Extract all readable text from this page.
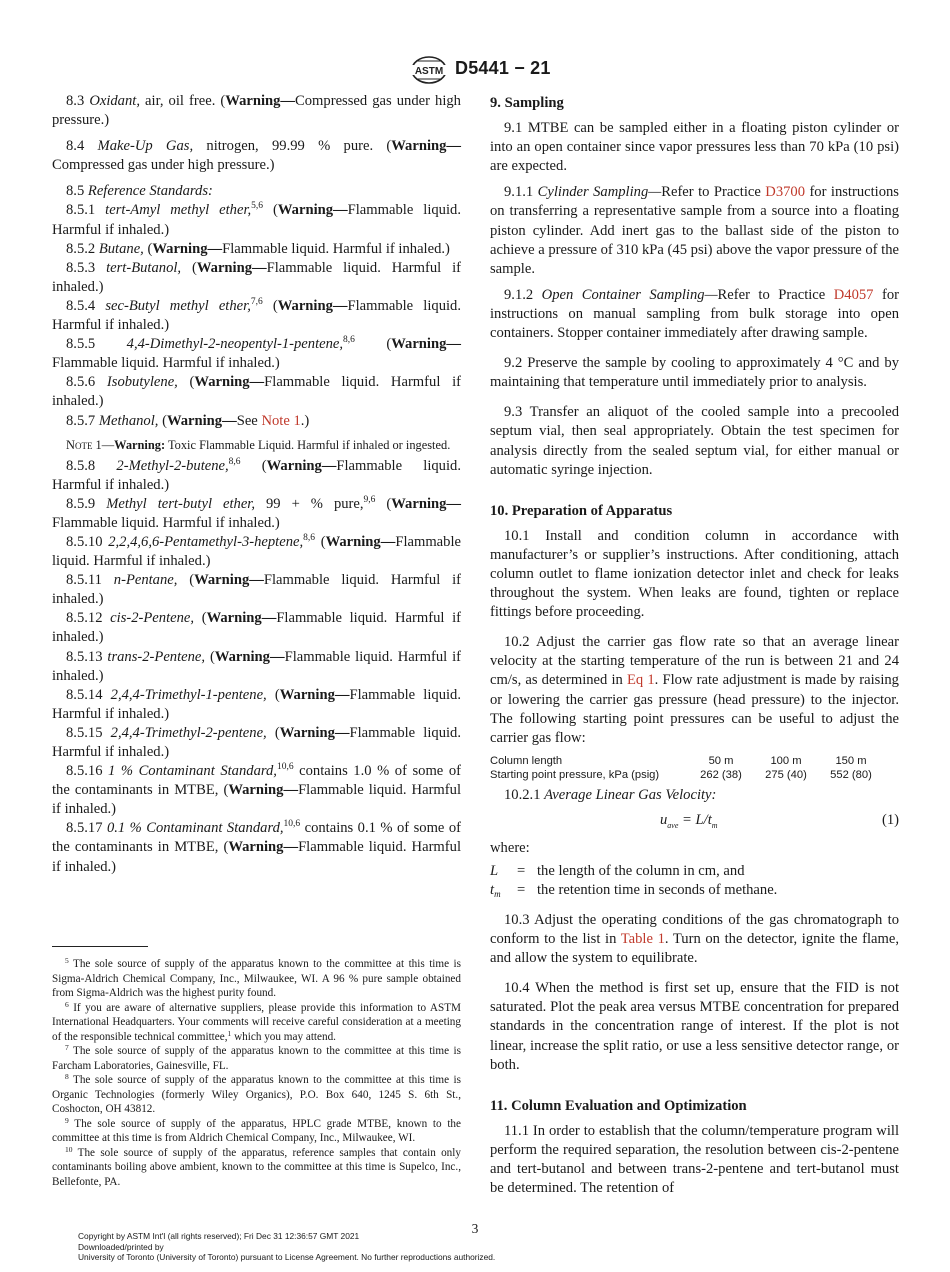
ASTM D5441 − 21

8.3 Oxidant, air, oil free. (Warning—Compressed gas under high pressure.)

8.4 Make-Up Gas, nitrogen, 99.99 % pure. (Warning—Compressed gas under high pressure.)

8.5 Reference Standards:

8.5.1 tert-Amyl methyl ether,$^{5,6}$ (Warning—Flammable liquid. Harmful if inhaled.)

8.5.2 Butane, (Warning—Flammable liquid. Harmful if inhaled.)

8.5.3 tert-Butanol, (Warning—Flammable liquid. Harmful if inhaled.)

8.5.4 sec-Butyl methyl ether,$^{7,6}$ (Warning—Flammable liquid. Harmful if inhaled.)

8.5.5 4,4-Dimethyl-2-neopentyl-1-pentene,$^{8,6}$ (Warning—Flammable liquid. Harmful if inhaled.)

8.5.6 Isobutylene, (Warning—Flammable liquid. Harmful if inhaled.)

8.5.7 Methanol, (Warning—See Note 1.)

Note 1—Warning: Toxic Flammable Liquid. Harmful if inhaled or ingested.

8.5.8 2-Methyl-2-butene,$^{8,6}$ (Warning—Flammable liquid. Harmful if inhaled.)

8.5.9 Methyl tert-butyl ether, 99 + % pure,$^{9,6}$ (Warning—Flammable liquid. Harmful if inhaled.)

8.5.10 2,2,4,6,6-Pentamethyl-3-heptene,$^{8,6}$ (Warning—Flammable liquid. Harmful if inhaled.)

8.5.11 n-Pentane, (Warning—Flammable liquid. Harmful if inhaled.)

8.5.12 cis-2-Pentene, (Warning—Flammable liquid. Harmful if inhaled.)

8.5.13 trans-2-Pentene, (Warning—Flammable liquid. Harmful if inhaled.)

8.5.14 2,4,4-Trimethyl-1-pentene, (Warning—Flammable liquid. Harmful if inhaled.)

8.5.15 2,4,4-Trimethyl-2-pentene, (Warning—Flammable liquid. Harmful if inhaled.)

8.5.16 1 % Contaminant Standard,$^{10,6}$ contains 1.0 % of some of the contaminants in MTBE, (Warning—Flammable liquid. Harmful if inhaled.)

8.5.17 0.1 % Contaminant Standard,$^{10,6}$ contains 0.1 % of some of the contaminants in MTBE, (Warning—Flammable liquid. Harmful if inhaled.)

$^5$ The sole source of supply of the apparatus known to the committee at this time is Sigma-Aldrich Chemical Company, Inc., Milwaukee, WI. A 96 % pure sample obtained from Sigma-Aldrich was the highest purity found.

$^6$ If you are aware of alternative suppliers, please provide this information to ASTM International Headquarters. Your comments will receive careful consideration at a meeting of the responsible technical committee,$^1$ which you may attend.

$^7$ The sole source of supply of the apparatus known to the committee at this time is Farcham Laboratories, Gainesville, FL.

$^8$ The sole source of supply of the apparatus known to the committee at this time is Organic Technologies (formerly Wiley Organics), P.O. Box 640, 1245 S. 6th St., Coshocton, OH 43812.

$^9$ The sole source of supply of the apparatus, HPLC grade MTBE, known to the committee at this time is from Aldrich Chemical Company, Inc., Milwaukee, WI.

$^{10}$ The sole source of supply of the apparatus, reference samples that contain only contaminants boiling above ambient, known to the committee at this time is Supelco, Inc., Bellefonte, PA.

9. Sampling

9.1 MTBE can be sampled either in a floating piston cylinder or into an open container since vapor pressures less than 70 kPa (10 psi) are expected.

9.1.1 Cylinder Sampling—Refer to Practice D3700 for instructions on transferring a representative sample from a source into a floating piston cylinder. Add inert gas to the ballast side of the piston to achieve a pressure of 310 kPa (45 psi) above the vapor pressure of the sample.

9.1.2 Open Container Sampling—Refer to Practice D4057 for instructions on manual sampling from bulk storage into open containers. Stopper container immediately after drawing sample.

9.2 Preserve the sample by cooling to approximately 4 °C and by maintaining that temperature until immediately prior to analysis.

9.3 Transfer an aliquot of the cooled sample into a precooled septum vial, then seal appropriately. Obtain the test specimen for analysis directly from the sealed septum vial, for either manual or automatic syringe injection.

10. Preparation of Apparatus

10.1 Install and condition column in accordance with manufacturer’s or supplier’s instructions. After conditioning, attach column outlet to flame ionization detector inlet and check for leaks throughout the system. When leaks are found, tighten or replace fittings before proceeding.

10.2 Adjust the carrier gas flow rate so that an average linear velocity at the starting temperature of the run is between 21 and 24 cm/s, as determined in Eq 1. Flow rate adjustment is made by raising or lowering the carrier gas pressure (head pressure) to the injector. The following starting point pressures can be useful to adjust the carrier gas flow:

Column length	50 m	100 m	150 m
Starting point pressure, kPa (psig)	262 (38)	275 (40)	552 (80)

10.2.1 Average Linear Gas Velocity:

$u_{ave} = L/t_m$	(1)

where:

L = the length of the column in cm, and
$t_m$ = the retention time in seconds of methane.

10.3 Adjust the operating conditions of the gas chromatograph to conform to the list in Table 1. Turn on the detector, ignite the flame, and allow the system to equilibrate.

10.4 When the method is first set up, ensure that the FID is not saturated. Plot the peak area versus MTBE concentration for prepared standards in the concentration range of interest. If the plot is not linear, increase the split ratio, or use a less sensitive detector range, or both.

11. Column Evaluation and Optimization

11.1 In order to establish that the column/temperature program will perform the required separation, the resolution between cis-2-pentene and tert-butanol and between trans-2-pentene and tert-butanol must be determined. The retention of

3
Copyright by ASTM Int'l (all rights reserved); Fri Dec 31 12:36:57 GMT 2021
Downloaded/printed by
University of Toronto (University of Toronto) pursuant to License Agreement. No further reproductions authorized.
